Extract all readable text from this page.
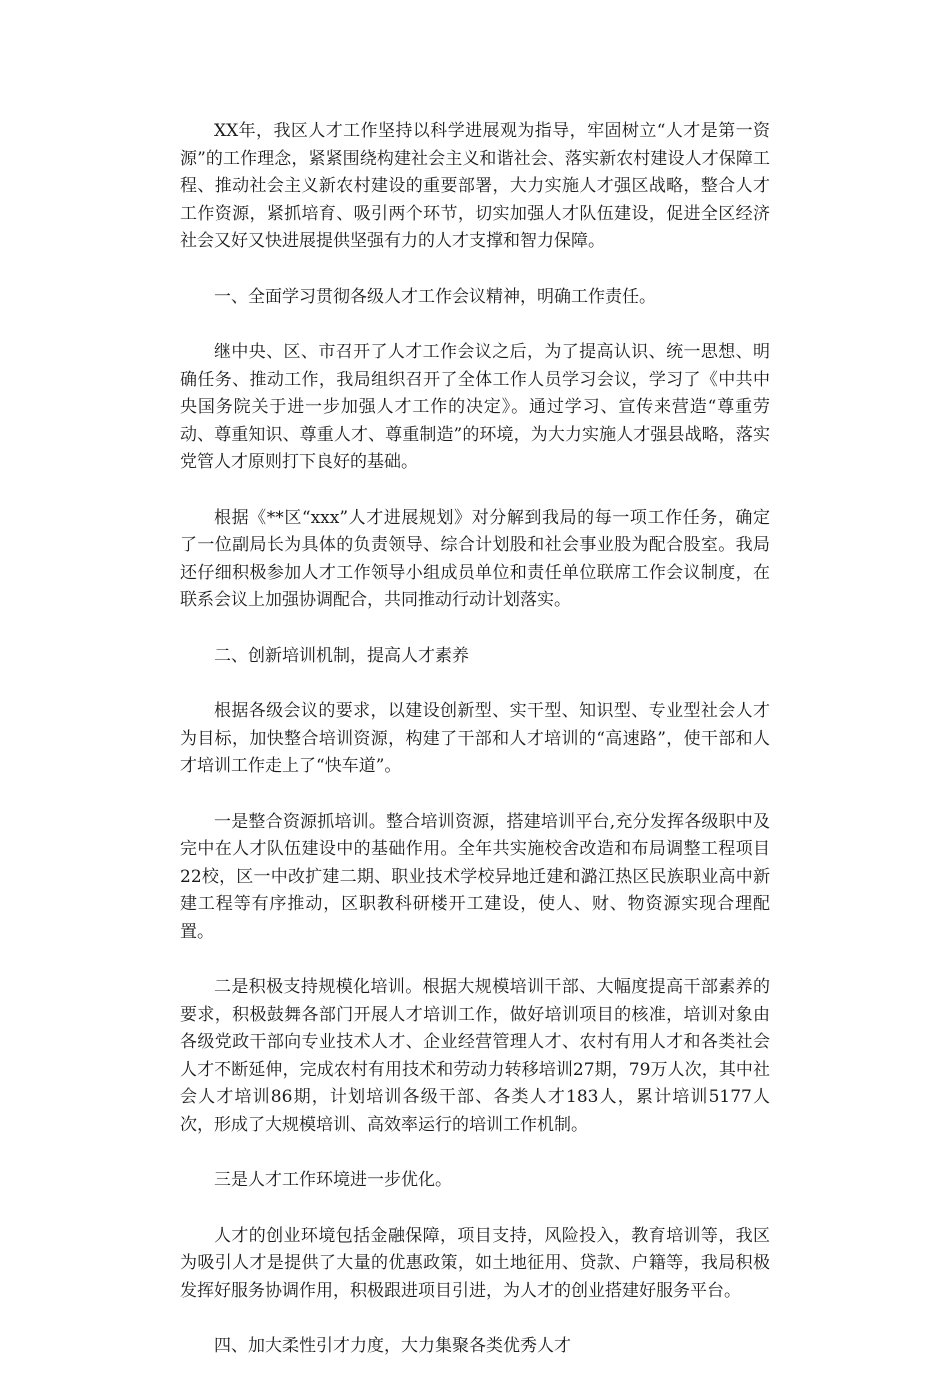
XX年，我区人才工作坚持以科学进展观为指导，牢固树立“人才是第一资源”的工作理念，紧紧围绕构建社会主义和谐社会、落实新农村建设人才保障工程、推动社会主义新农村建设的重要部署，大力实施人才强区战略，整合人才工作资源，紧抓培育、吸引两个环节，切实加强人才队伍建设，促进全区经济社会又好又快进展提供坚强有力的人才支撑和智力保障。

一、全面学习贯彻各级人才工作会议精神，明确工作责任。

继中央、区、市召开了人才工作会议之后，为了提高认识、统一思想、明确任务、推动工作，我局组织召开了全体工作人员学习会议，学习了《中共中央国务院关于进一步加强人才工作的决定》。通过学习、宣传来营造“尊重劳动、尊重知识、尊重人才、尊重制造”的环境，为大力实施人才强县战略，落实党管人才原则打下良好的基础。

根据《**区“xxx”人才进展规划》对分解到我局的每一项工作任务，确定了一位副局长为具体的负责领导、综合计划股和社会事业股为配合股室。我局还仔细积极参加人才工作领导小组成员单位和责任单位联席工作会议制度，在联系会议上加强协调配合，共同推动行动计划落实。

二、创新培训机制，提高人才素养

根据各级会议的要求，以建设创新型、实干型、知识型、专业型社会人才为目标，加快整合培训资源，构建了干部和人才培训的“高速路”，使干部和人才培训工作走上了“快车道”。

一是整合资源抓培训。整合培训资源，搭建培训平台,充分发挥各级职中及完中在人才队伍建设中的基础作用。全年共实施校舍改造和布局调整工程项目22校，区一中改扩建二期、职业技术学校异地迁建和潞江热区民族职业高中新建工程等有序推动，区职教科研楼开工建设，使人、财、物资源实现合理配置。

二是积极支持规模化培训。根据大规模培训干部、大幅度提高干部素养的要求，积极鼓舞各部门开展人才培训工作，做好培训项目的核准，培训对象由各级党政干部向专业技术人才、企业经营管理人才、农村有用人才和各类社会人才不断延伸，完成农村有用技术和劳动力转移培训27期，79万人次，其中社会人才培训86期，计划培训各级干部、各类人才183人，累计培训5177人次，形成了大规模培训、高效率运行的培训工作机制。

三是人才工作环境进一步优化。

人才的创业环境包括金融保障，项目支持，风险投入，教育培训等，我区为吸引人才是提供了大量的优惠政策，如土地征用、贷款、户籍等，我局积极发挥好服务协调作用，积极跟进项目引进，为人才的创业搭建好服务平台。

四、加大柔性引才力度，大力集聚各类优秀人才
